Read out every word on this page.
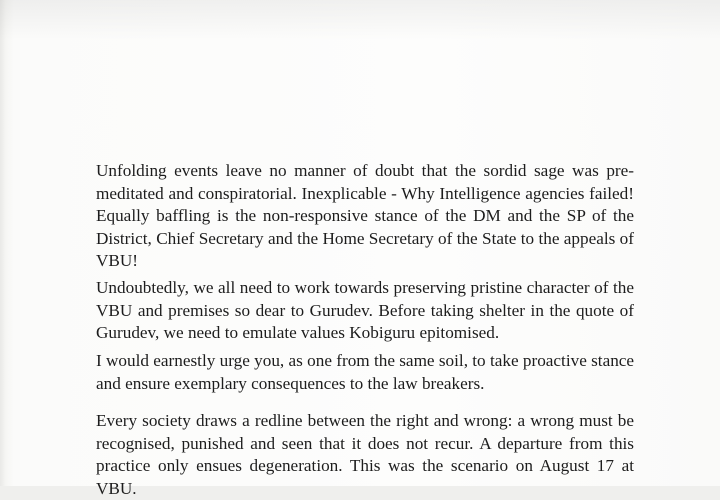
Unfolding events leave no manner of doubt that the sordid sage was pre-
meditated and conspiratorial. Inexplicable - Why Intelligence agencies failed!
Equally baffling is the non-responsive stance of the DM and the SP of the
District, Chief Secretary and the Home Secretary of the State to the appeals of
VBU!
Undoubtedly, we all need to work towards preserving pristine character of the
VBU and premises so dear to Gurudev. Before taking shelter in the quote of
Gurudev, we need to emulate values Kobiguru epitomised.
I would earnestly urge you, as one from the same soil, to take proactive stance
and ensure exemplary consequences to the law breakers.
Every society draws a redline between the right and wrong: a wrong must be
recognised, punished and seen that it does not recur. A departure from this
practice only ensues degeneration. This was the scenario on August 17 at
VBU.
